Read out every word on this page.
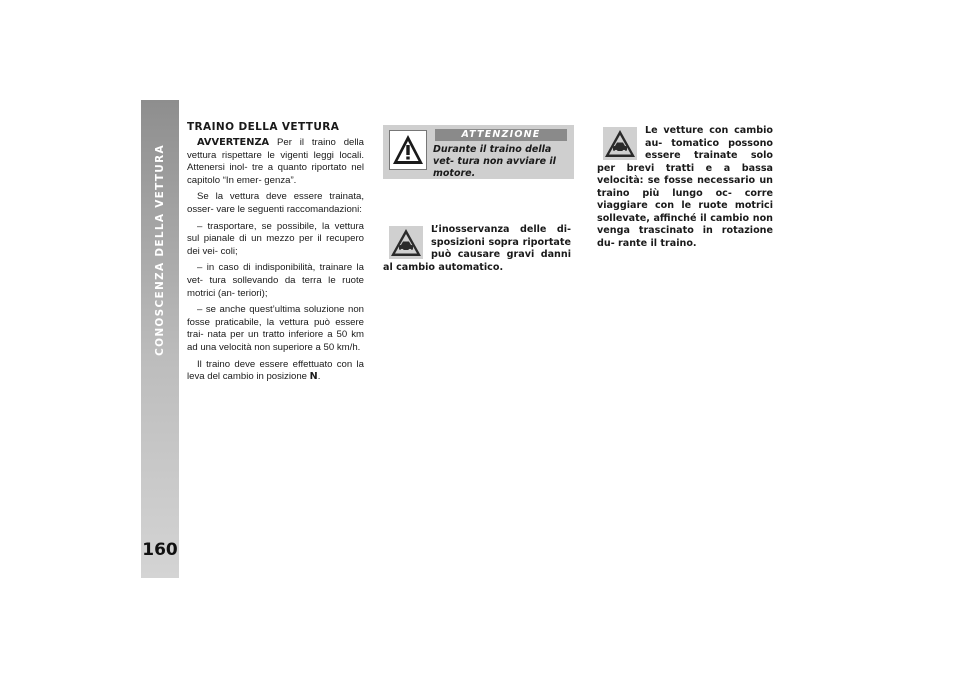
CONOSCENZA DELLA VETTURA
160
TRAINO DELLA VETTURA

AVVERTENZA Per il traino della vettura rispettare le vigenti leggi locali. Attenersi inol- tre a quanto riportato nel capitolo “In emer- genza”.

Se la vettura deve essere trainata, osser- vare le seguenti raccomandazioni:

– trasportare, se possibile, la vettura sul pianale di un mezzo per il recupero dei vei- coli;

– in caso di indisponibilità, trainare la vet- tura sollevando da terra le ruote motrici (an- teriori);

– se anche quest’ultima soluzione non fosse praticabile, la vettura può essere trai- nata per un tratto inferiore a 50 km ad una velocità non superiore a 50 km/h.

Il traino deve essere effettuato con la leva del cambio in posizione N.

ATTENZIONE

Durante il traino della vet- tura non avviare il motore.

L’inosservanza delle di- sposizioni sopra riportate può causare gravi danni al cambio automatico.

Le vetture con cambio au- tomatico possono essere trainate solo per brevi tratti e a bassa velocità: se fosse necessario un traino più lungo oc- corre viaggiare con le ruote motrici sollevate, affinché il cambio non venga trascinato in rotazione du- rante il traino.
